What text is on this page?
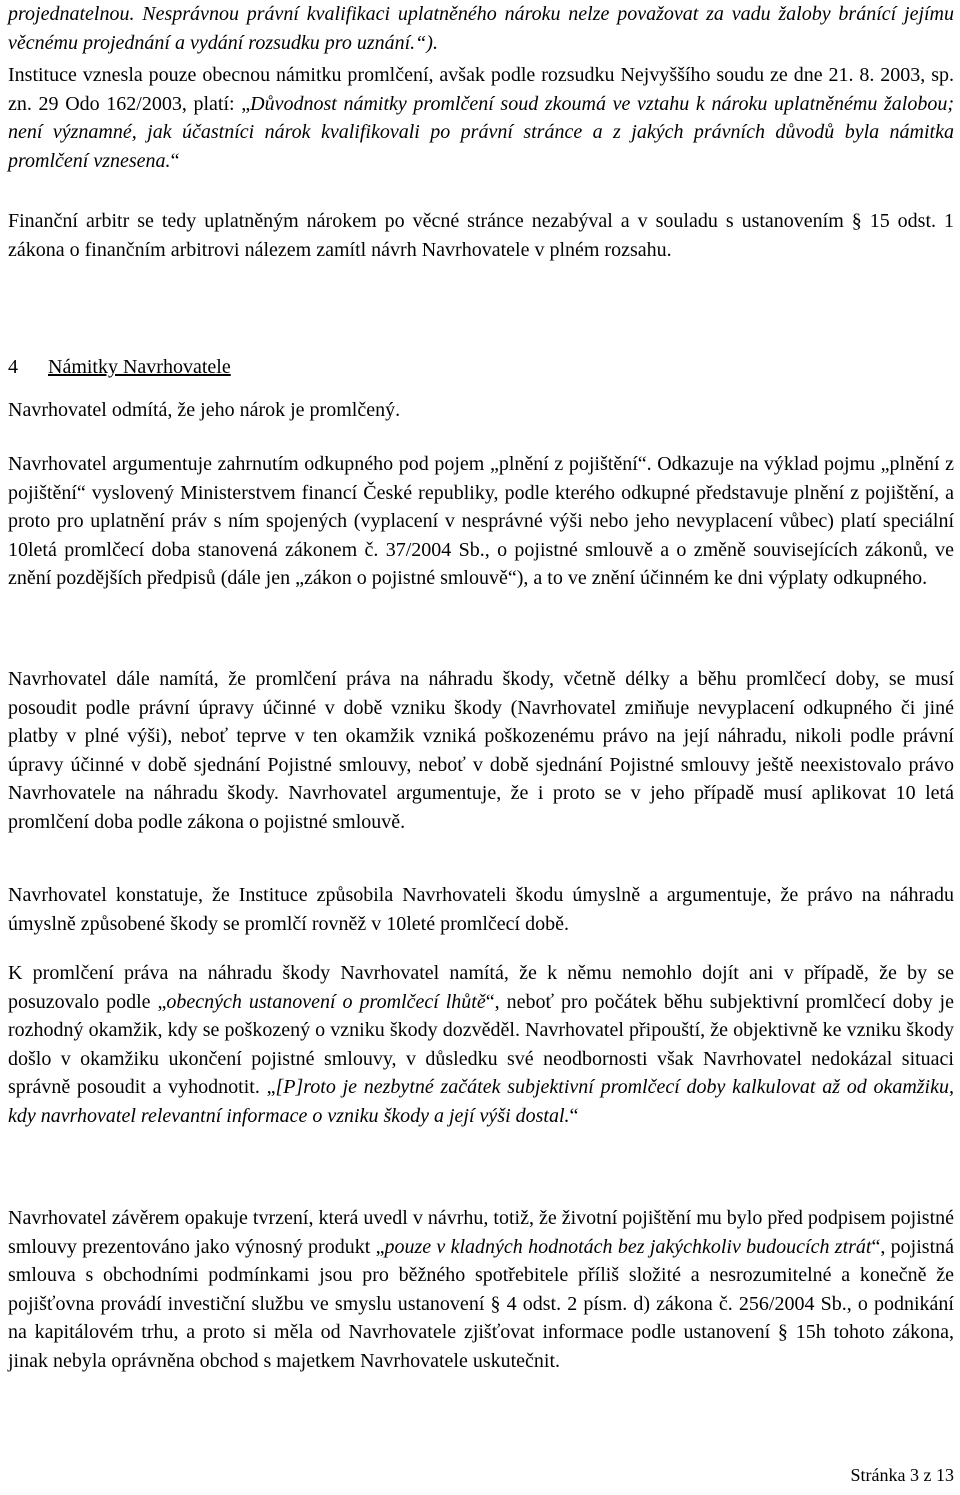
projednatelnou. Nesprávnou právní kvalifikaci uplatněného nároku nelze považovat za vadu žaloby bránící jejímu věcnému projednání a vydání rozsudku pro uznání.“).

Instituce vznesla pouze obecnou námitku promlčení, avšak podle rozsudku Nejvyššího soudu ze dne 21. 8. 2003, sp. zn. 29 Odo 162/2003, platí: „Důvodnost námitky promlčení soud zkoumá ve vztahu k nároku uplatněnému žalobou; není významné, jak účastníci nárok kvalifikovali po právní stránce a z jakých právních důvodů byla námitka promlčení vznesena.“

Finanční arbitr se tedy uplatněným nárokem po věcné stránce nezabýval a v souladu s ustanovením § 15 odst. 1 zákona o finančním arbitrovi nálezem zamítl návrh Navrhovatele v plném rozsahu.

4 Námitky Navrhovatele

Navrhovatel odmítá, že jeho nárok je promlčený.

Navrhovatel argumentuje zahrnutím odkupného pod pojem „plnění z pojištění“. Odkazuje na výklad pojmu „plnění z pojištění“ vyslovený Ministerstvem financí České republiky, podle kterého odkupné představuje plnění z pojištění, a proto pro uplatnění práv s ním spojených (vyplacení v nesprávné výši nebo jeho nevyplacení vůbec) platí speciální 10letá promlčecí doba stanovená zákonem č. 37/2004 Sb., o pojistné smlouvě a o změně souvisejících zákonů, ve znění pozdějších předpisů (dále jen „zákon o pojistné smlouvě“), a to ve znění účinném ke dni výplaty odkupného.

Navrhovatel dále namítá, že promlčení práva na náhradu škody, včetně délky a běhu promlčecí doby, se musí posoudit podle právní úpravy účinné v době vzniku škody (Navrhovatel zmiňuje nevyplacení odkupného či jiné platby v plné výši), neboť teprve v ten okamžik vzniká poškozenému právo na její náhradu, nikoli podle právní úpravy účinné v době sjednání Pojistné smlouvy, neboť v době sjednání Pojistné smlouvy ještě neexistovalo právo Navrhovatele na náhradu škody. Navrhovatel argumentuje, že i proto se v jeho případě musí aplikovat 10 letá promlčení doba podle zákona o pojistné smlouvě.

Navrhovatel konstatuje, že Instituce způsobila Navrhovateli škodu úmyslně a argumentuje, že právo na náhradu úmyslně způsobené škody se promlčí rovněž v 10leté promlčecí době.

K promlčení práva na náhradu škody Navrhovatel namítá, že k němu nemohlo dojít ani v případě, že by se posuzovalo podle „obecných ustanovení o promlčecí lhůtě“, neboť pro počátek běhu subjektivní promlčecí doby je rozhodný okamžik, kdy se poškozený o vzniku škody dozvěděl. Navrhovatel připouští, že objektivně ke vzniku škody došlo v okamžiku ukončení pojistné smlouvy, v důsledku své neodbornosti však Navrhovatel nedokázal situaci správně posoudit a vyhodnotit. „[P]roto je nezbytné začátek subjektivní promlčecí doby kalkulovat až od okamžiku, kdy navrhovatel relevantní informace o vzniku škody a její výši dostal.“

Navrhovatel závěrem opakuje tvrzení, která uvedl v návrhu, totiž, že životní pojištění mu bylo před podpisem pojistné smlouvy prezentováno jako výnosný produkt „pouze v kladných hodnotách bez jakýchkoliv budoucích ztrát“, pojistná smlouva s obchodními podmínkami jsou pro běžného spotřebitele příliš složité a nesrozumitelné a konečně že pojišťovna provádí investiční službu ve smyslu ustanovení § 4 odst. 2 písm. d) zákona č. 256/2004 Sb., o podnikání na kapitálovém trhu, a proto si měla od Navrhovatele zjišťovat informace podle ustanovení § 15h tohoto zákona, jinak nebyla oprávněna obchod s majetkem Navrhovatele uskutečnit.

Stránka 3 z 13
